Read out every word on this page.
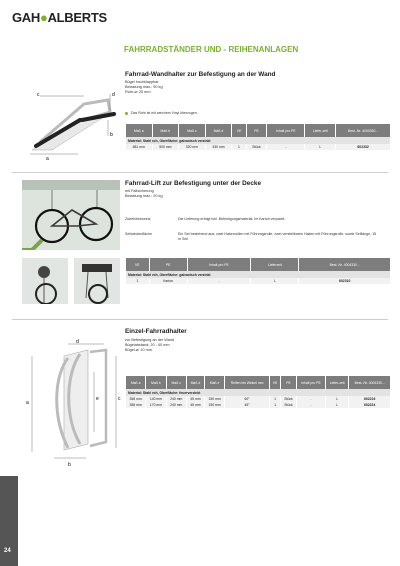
GAH●ALBERTS
FAHRRADSTÄNDER UND - REIHENANLAGEN
c	d
b
a
Fahrrad-Wandhalter zur Befestigung an der Wand
Bügel hochklappbar
Belastung max.: 90 kg
Rohr-⌀: 25 mm
Das Rohr ist mit weichem Vinyl überzogen.
Maß a	Maß b	Maß c	Maß d	VE	PE	Inhalt pro PE	Liefer-zeit	Best.-Nr. 4004330...
Material: Stahl roh, Oberfläche: galvanisch verzinkt								
681 mm	500 mm	320 mm	330 mm	1	Stück	-	L	602332
Fahrrad-Lift zur Befestigung unter der Decke
mit Fallsicherung
Belastung max.: 20 kg
Zubehörhinweis	Die Lieferung erfolgt inkl. Befestigungsmaterial, im Karton verpackt.
Seilwindenfläche	Ein Set bestehend aus: zwei Hakenrollen mit Führungsrolle, zwei verstellbaren Haken mit Führungsrolle, sowie Seillänge, 15 m Seil
VE	PE	Inhalt pro PE	Lieferzeit	Best.-Nr. 4004330...
Material: Stahl roh, Oberfläche: galvanisch verzinkt				
1	Karton	-	L	602310
d
a
e	c
b
Einzel-Fahrradhalter
zur Befestigung an der Wand
Bügelabstand: 20 - 40 mm
Bügel-⌀: 10 mm
Maß a	Maß b	Maß c	Maß d	Maß e	Reifen bis Winkel mm	VE	PE	Inhalt pro PE	Liefer-zeit	Best.-Nr. 4004330...
Material: Stahl roh, Oberfläche: feuerverzinkt										
358 mm	140 mm	240 mm	45 mm	150 mm	60°	1	Stück	-	L	602216
358 mm	170 mm	240 mm	45 mm	150 mm	45°	1	Stück	-	L	602224
24
